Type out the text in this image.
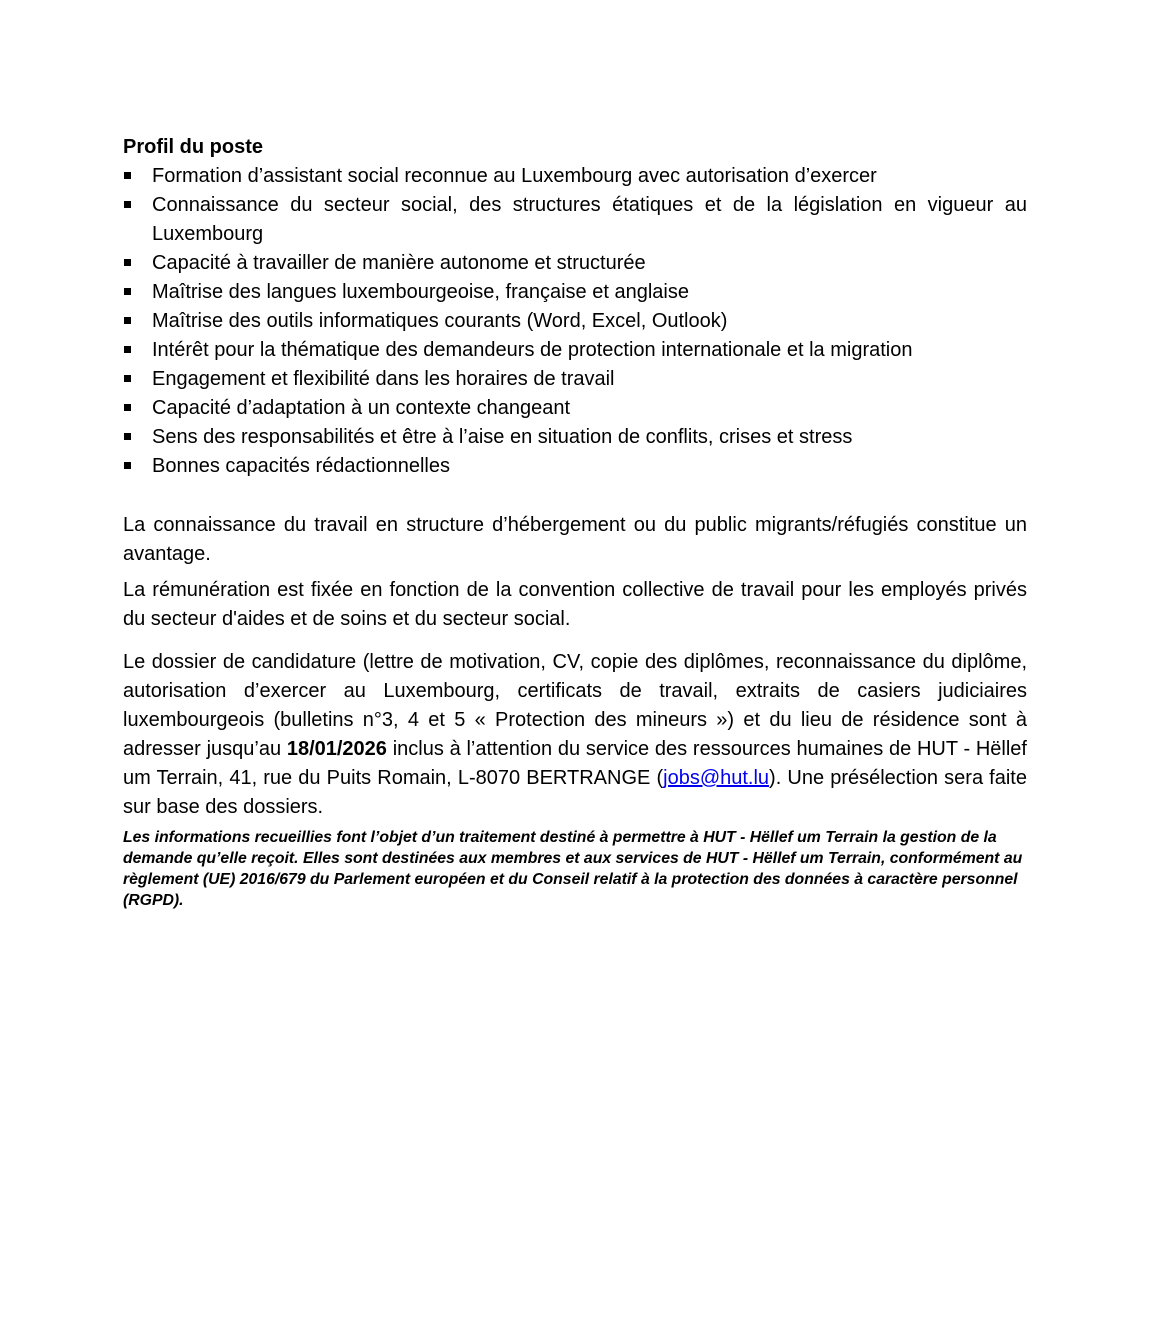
Profil du poste
Formation d’assistant social reconnue au Luxembourg avec autorisation d’exercer
Connaissance du secteur social, des structures étatiques et de la législation en vigueur au Luxembourg
Capacité à travailler de manière autonome et structurée
Maîtrise des langues luxembourgeoise, française et anglaise
Maîtrise des outils informatiques courants (Word, Excel, Outlook)
Intérêt pour la thématique des demandeurs de protection internationale et la migration
Engagement et flexibilité dans les horaires de travail
Capacité d’adaptation à un contexte changeant
Sens des responsabilités et être à l’aise en situation de conflits, crises et stress
Bonnes capacités rédactionnelles

La connaissance du travail en structure d’hébergement ou du public migrants/réfugiés constitue un avantage.

La rémunération est fixée en fonction de la convention collective de travail pour les employés privés du secteur d'aides et de soins et du secteur social.

Le dossier de candidature (lettre de motivation, CV, copie des diplômes, reconnaissance du diplôme, autorisation d’exercer au Luxembourg, certificats de travail, extraits de casiers judiciaires luxembourgeois (bulletins n°3, 4 et 5 « Protection des mineurs ») et du lieu de résidence sont à adresser jusqu’au 18/01/2026 inclus à l’attention du service des ressources humaines de HUT - Hëllef um Terrain, 41, rue du Puits Romain, L-8070 BERTRANGE (jobs@hut.lu). Une présélection sera faite sur base des dossiers.

Les informations recueillies font l’objet d’un traitement destiné à permettre à HUT - Hëllef um Terrain la gestion de la demande qu’elle reçoit. Elles sont destinées aux membres et aux services de HUT - Hëllef um Terrain, conformément au règlement (UE) 2016/679 du Parlement européen et du Conseil relatif à la protection des données à caractère personnel (RGPD).
